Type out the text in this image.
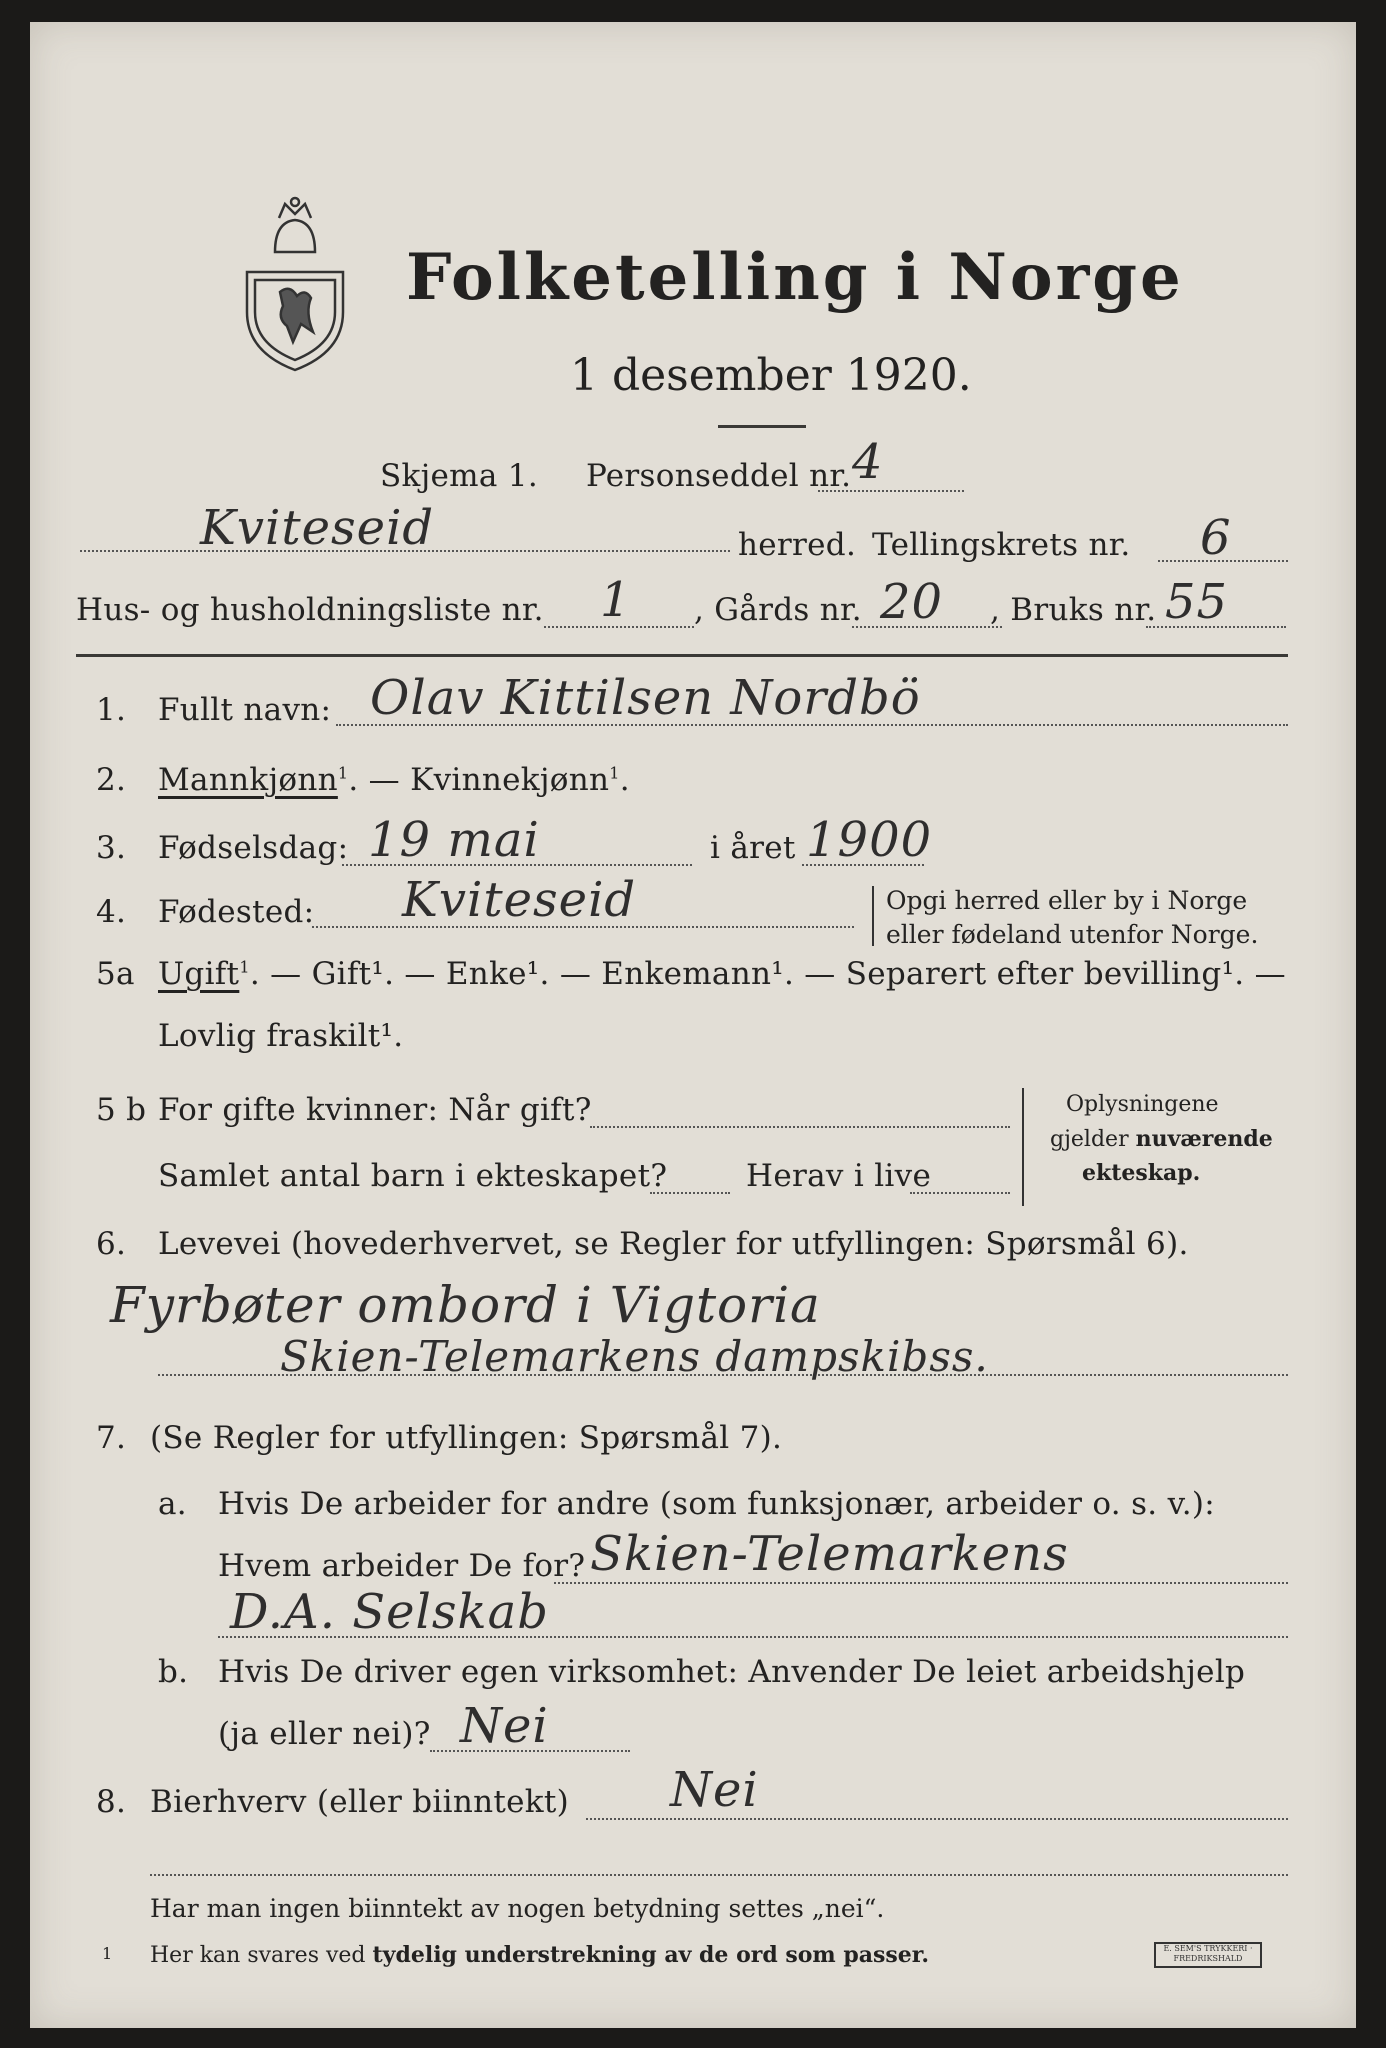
Folketelling i Norge
1 desember 1920.
Skjema 1. Personseddel nr. 4
Kviteseid	herred. Tellingskrets nr. 6
Hus- og husholdningsliste nr. 1 , Gårds nr. 20 , Bruks nr. 55
1. Fullt navn: Olav Kittilsen Nordbö
2. Mannkjønn$^1$. — Kvinnekjønn$^1$.
3. Fødselsdag: 19 mai	i året 1900
4. Fødested: Kviteseid	Opgi herred eller by i Norge
eller fødeland utenfor Norge.
5a Ugift$^1$. — Gift¹. — Enke¹. — Enkemann¹. — Separert efter bevilling¹. —
Lovlig fraskilt¹.
5 b For gifte kvinner: Når gift?
Samlet antal barn i ekteskapet?	Herav i live
Oplysningene
gjelder nuværende
ekteskap.
6. Levevei (hovederhvervet, se Regler for utfyllingen: Spørsmål 6).
Fyrbøter ombord i Vigtoria
Skien-Telemarkens dampskibss.
7. (Se Regler for utfyllingen: Spørsmål 7).
a. Hvis De arbeider for andre (som funksjonær, arbeider o. s. v.):
Hvem arbeider De for? Skien-Telemarkens
D.A. Selskab
b. Hvis De driver egen virksomhet: Anvender De leiet arbeidshjelp
(ja eller nei)? Nei
8. Bierhverv (eller biinntekt) Nei
Har man ingen biinntekt av nogen betydning settes „nei“.
1 Her kan svares ved tydelig understrekning av de ord som passer.	E. SEM'S TRYKKERI · FREDRIKSHALD
